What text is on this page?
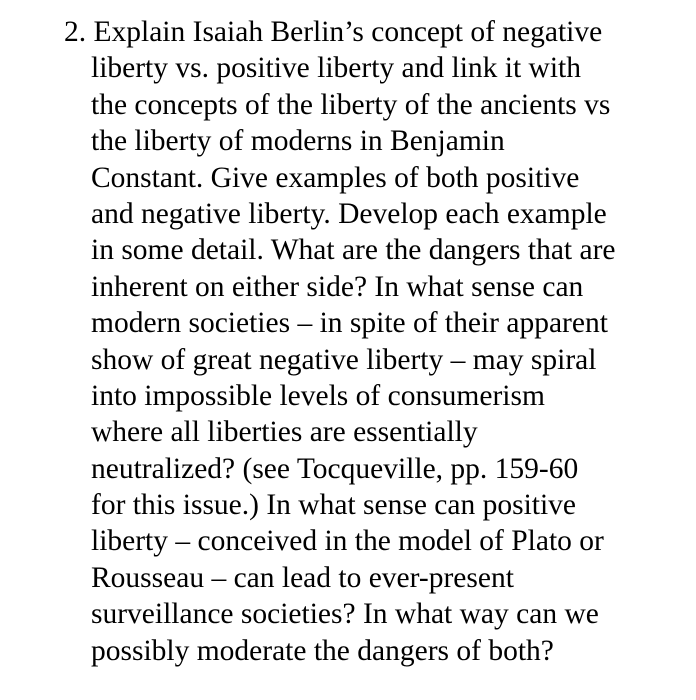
2. Explain Isaiah Berlin’s concept of negative
liberty vs. positive liberty and link it with
the concepts of the liberty of the ancients vs
the liberty of moderns in Benjamin
Constant. Give examples of both positive
and negative liberty. Develop each example
in some detail. What are the dangers that are
inherent on either side? In what sense can
modern societies – in spite of their apparent
show of great negative liberty – may spiral
into impossible levels of consumerism
where all liberties are essentially
neutralized? (see Tocqueville, pp. 159-60
for this issue.) In what sense can positive
liberty – conceived in the model of Plato or
Rousseau – can lead to ever-present
surveillance societies? In what way can we
possibly moderate the dangers of both?
